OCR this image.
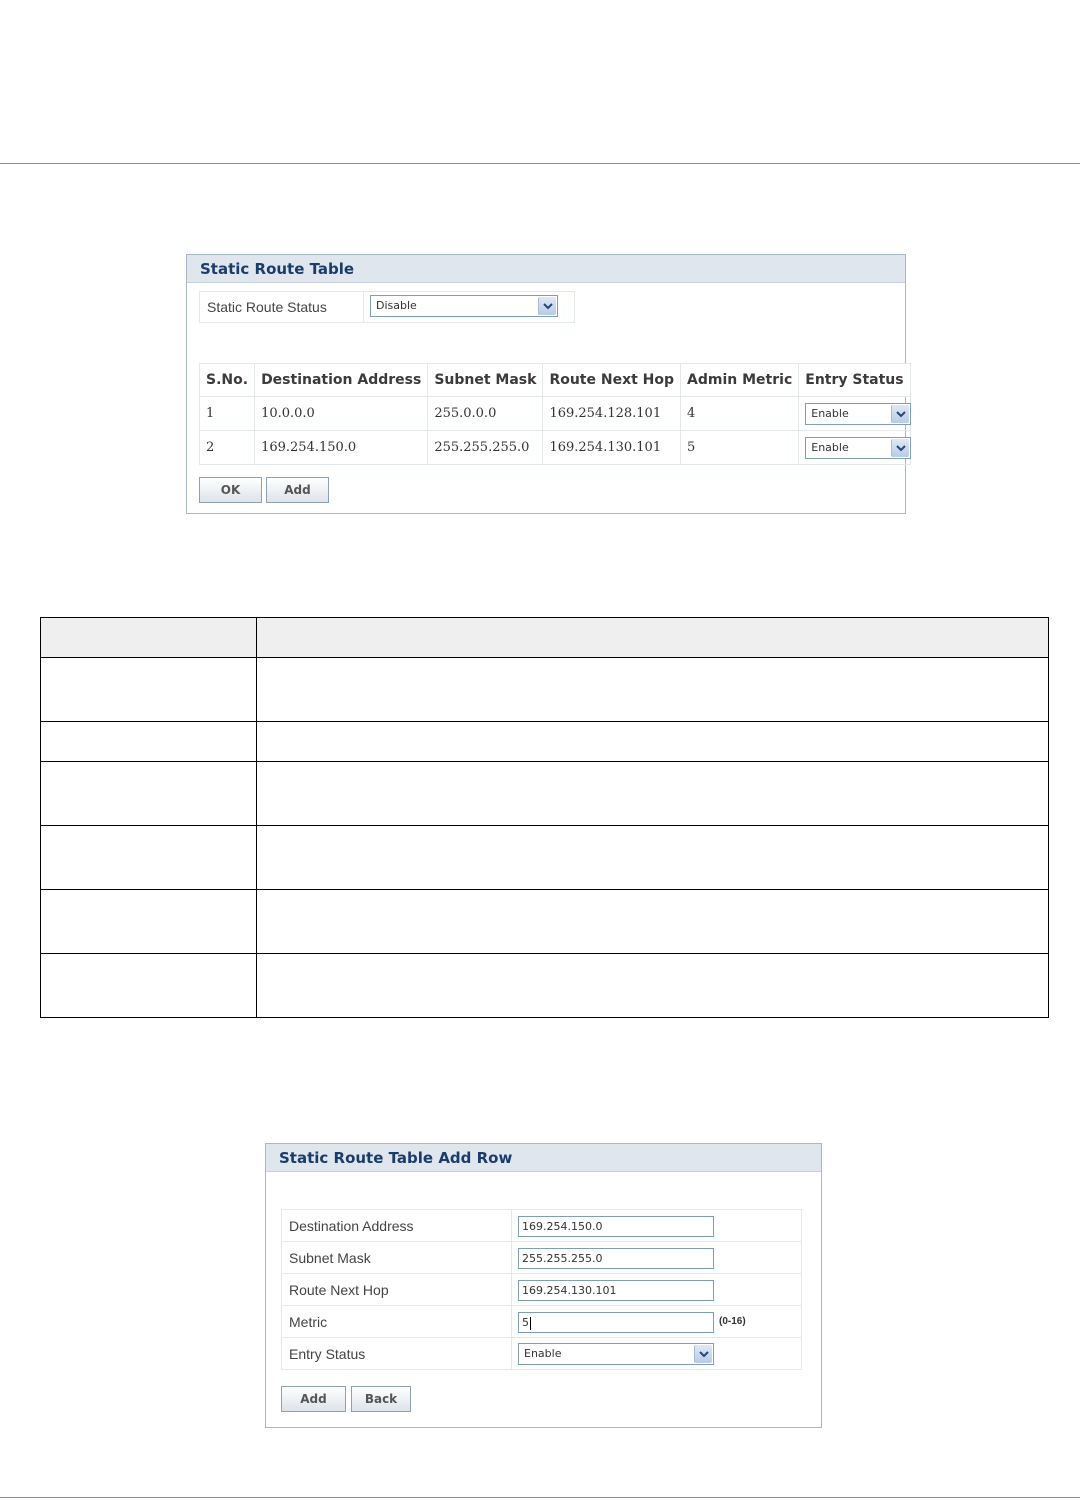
Static Route Table
Static Route Status	Disable
S.No.	Destination Address	Subnet Mask	Route Next Hop	Admin Metric	Entry Status
1	10.0.0.0	255.0.0.0	169.254.128.101	4	Enable

2	169.254.150.0	255.255.255.0	169.254.130.101	5	Enable
OK	Add

Static Route Table Add Row
Destination Address	169.254.150.0

Subnet Mask	255.255.255.0

Route Next Hop	169.254.130.101

Metric	5 (0-16)

Entry Status	Enable
Add	Back
